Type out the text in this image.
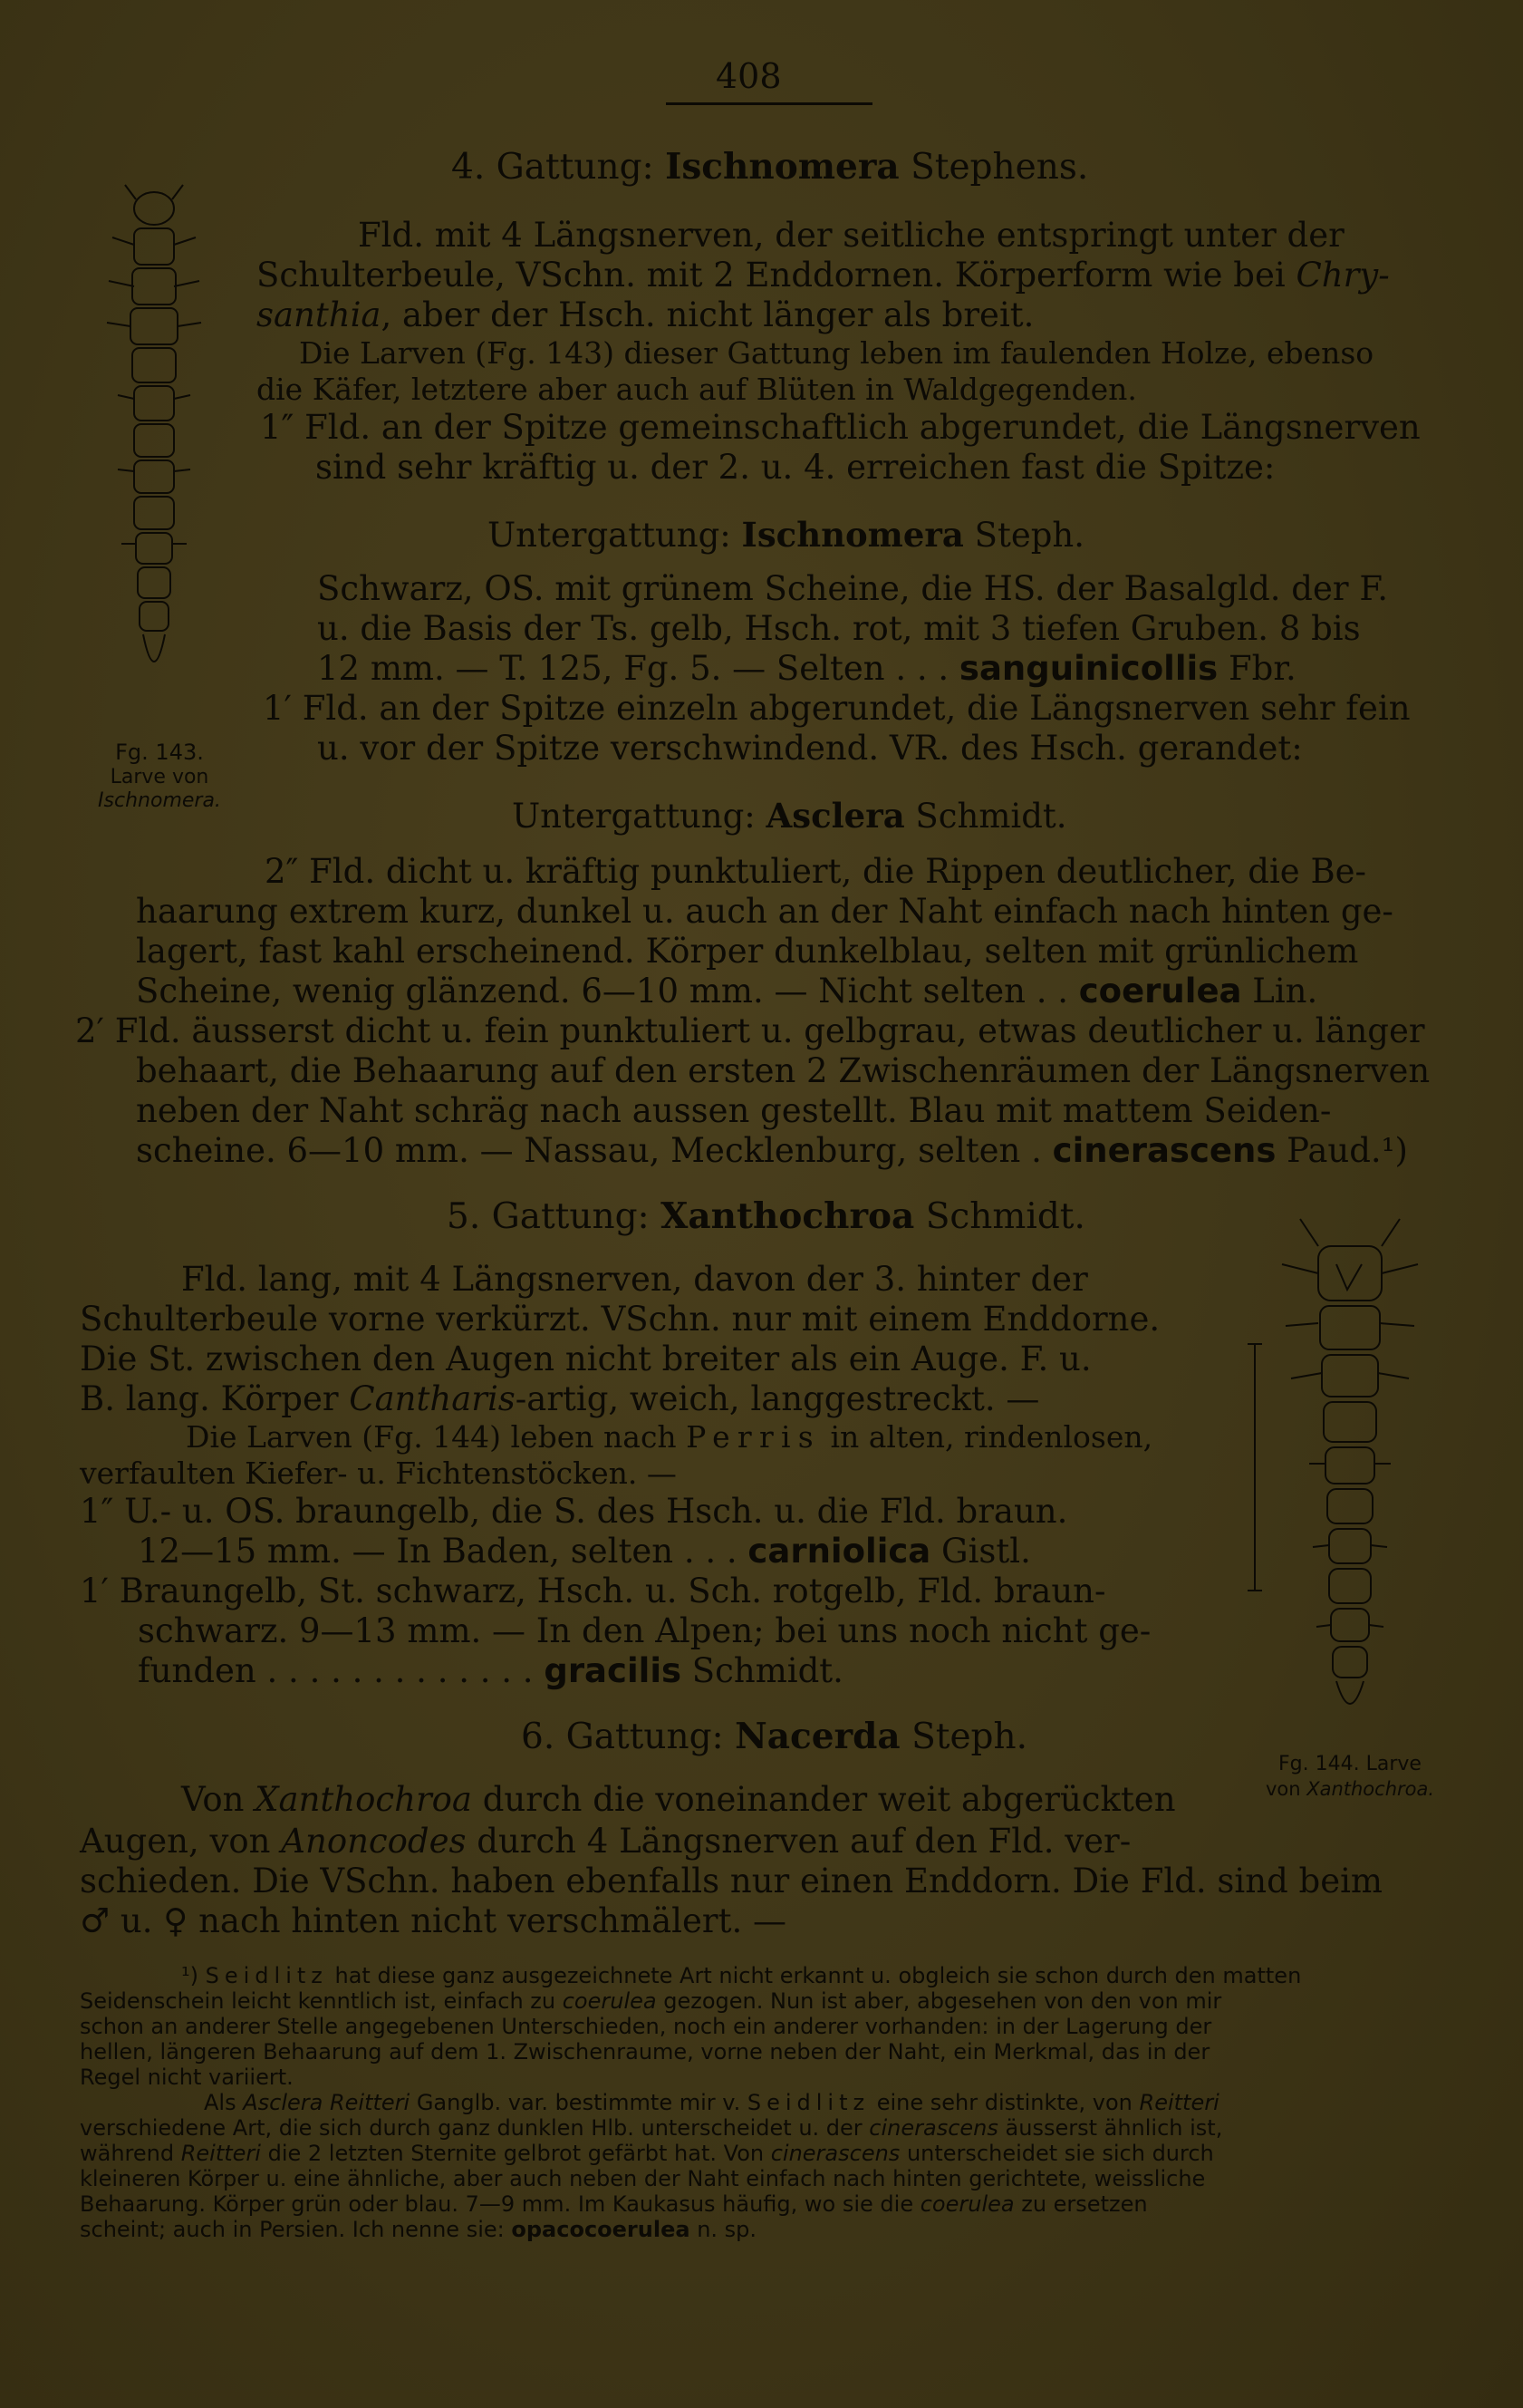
408
4. Gattung: Ischnomera Stephens.
Fld. mit 4 Längsnerven, der seitliche entspringt unter der
Schulterbeule, VSchn. mit 2 Enddornen. Körperform wie bei Chry-
santhia, aber der Hsch. nicht länger als breit.
Die Larven (Fg. 143) dieser Gattung leben im faulenden Holze, ebenso
die Käfer, letztere aber auch auf Blüten in Waldgegenden.
1″ Fld. an der Spitze gemeinschaftlich abgerundet, die Längsnerven
sind sehr kräftig u. der 2. u. 4. erreichen fast die Spitze:
Untergattung: Ischnomera Steph.
Schwarz, OS. mit grünem Scheine, die HS. der Basalgld. der F.
u. die Basis der Ts. gelb, Hsch. rot, mit 3 tiefen Gruben. 8 bis
12 mm. — T. 125, Fg. 5. — Selten . . . sanguinicollis Fbr.
1′ Fld. an der Spitze einzeln abgerundet, die Längsnerven sehr fein
u. vor der Spitze verschwindend. VR. des Hsch. gerandet:
Untergattung: Asclera Schmidt.
2″ Fld. dicht u. kräftig punktuliert, die Rippen deutlicher, die Be-
haarung extrem kurz, dunkel u. auch an der Naht einfach nach hinten ge-
lagert, fast kahl erscheinend. Körper dunkelblau, selten mit grünlichem
Scheine, wenig glänzend. 6—10 mm. — Nicht selten . . coerulea Lin.
2′ Fld. äusserst dicht u. fein punktuliert u. gelbgrau, etwas deutlicher u. länger
behaart, die Behaarung auf den ersten 2 Zwischenräumen der Längsnerven
neben der Naht schräg nach aussen gestellt. Blau mit mattem Seiden-
scheine. 6—10 mm. — Nassau, Mecklenburg, selten . cinerascens Paud.¹)
Fg. 143.
Larve von
Ischnomera.
5. Gattung: Xanthochroa Schmidt.
Fld. lang, mit 4 Längsnerven, davon der 3. hinter der
Schulterbeule vorne verkürzt. VSchn. nur mit einem Enddorne.
Die St. zwischen den Augen nicht breiter als ein Auge. F. u.
B. lang. Körper Cantharis-artig, weich, langgestreckt. —
Die Larven (Fg. 144) leben nach Perris in alten, rindenlosen,
verfaulten Kiefer- u. Fichtenstöcken. —
1″ U.- u. OS. braungelb, die S. des Hsch. u. die Fld. braun.
12—15 mm. — In Baden, selten . . . carniolica Gistl.
1′ Braungelb, St. schwarz, Hsch. u. Sch. rotgelb, Fld. braun-
schwarz. 9—13 mm. — In den Alpen; bei uns noch nicht ge-
funden . . . . . . . . . . . . . gracilis Schmidt.
Fg. 144. Larve
von Xanthochroa.
6. Gattung: Nacerda Steph.
Von Xanthochroa durch die voneinander weit abgerückten
Augen, von Anoncodes durch 4 Längsnerven auf den Fld. ver-
schieden. Die VSchn. haben ebenfalls nur einen Enddorn. Die Fld. sind beim
♂ u. ♀ nach hinten nicht verschmälert. —
¹) Seidlitz hat diese ganz ausgezeichnete Art nicht erkannt u. obgleich sie schon durch den matten
Seidenschein leicht kenntlich ist, einfach zu coerulea gezogen. Nun ist aber, abgesehen von den von mir
schon an anderer Stelle angegebenen Unterschieden, noch ein anderer vorhanden: in der Lagerung der
hellen, längeren Behaarung auf dem 1. Zwischenraume, vorne neben der Naht, ein Merkmal, das in der
Regel nicht variiert.
Als Asclera Reitteri Ganglb. var. bestimmte mir v. Seidlitz eine sehr distinkte, von Reitteri
verschiedene Art, die sich durch ganz dunklen Hlb. unterscheidet u. der cinerascens äusserst ähnlich ist,
während Reitteri die 2 letzten Sternite gelbrot gefärbt hat. Von cinerascens unterscheidet sie sich durch
kleineren Körper u. eine ähnliche, aber auch neben der Naht einfach nach hinten gerichtete, weissliche
Behaarung. Körper grün oder blau. 7—9 mm. Im Kaukasus häufig, wo sie die coerulea zu ersetzen
scheint; auch in Persien. Ich nenne sie: opacocoerulea n. sp.
